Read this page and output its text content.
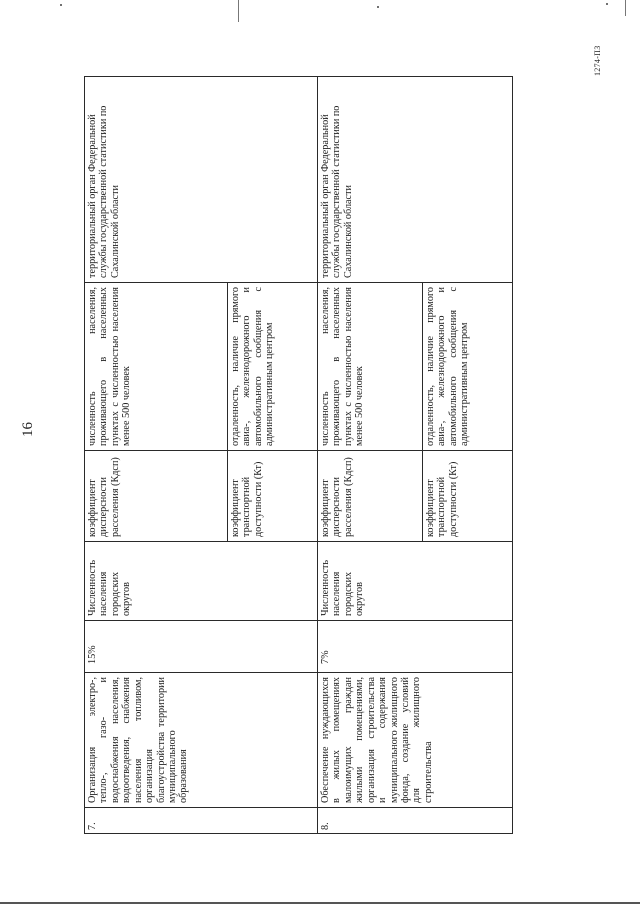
16
1274-ПЗ
7.	Организация электро-, тепло-, газо- и водоснабжения населения, водоотведения, снабжения населения топливом, организация благоустройства территории муниципального образования	15%	Численность населения городских округов	коэффициент дисперсности расселения (Кдсп)	численность населения, проживающего в населенных пунктах с численностью населения менее 500 человек	территориальный орган Федеральной службы государственной статистики по Сахалинской области

				коэффициент транспортной доступности (Кт)	отдаленность, наличие прямого авиа-, железнодорожного и автомобильного сообщения с административным центром	

8.	Обеспечение нуждающихся в жилых помещениях малоимущих граждан жилыми помещениями, организация строительства и содержания муниципального жилищного фонда, создание условий для жилищного строительства	7%	Численность населения городских округов	коэффициент дисперсности расселения (Кдсп)	численность населения, проживающего в населенных пунктах с численностью населения менее 500 человек	территориальный орган Федеральной службы государственной статистики по Сахалинской области

				коэффициент транспортной доступности (Кт)	отдаленность, наличие прямого авиа-, железнодорожного и автомобильного сообщения с административным центром	
